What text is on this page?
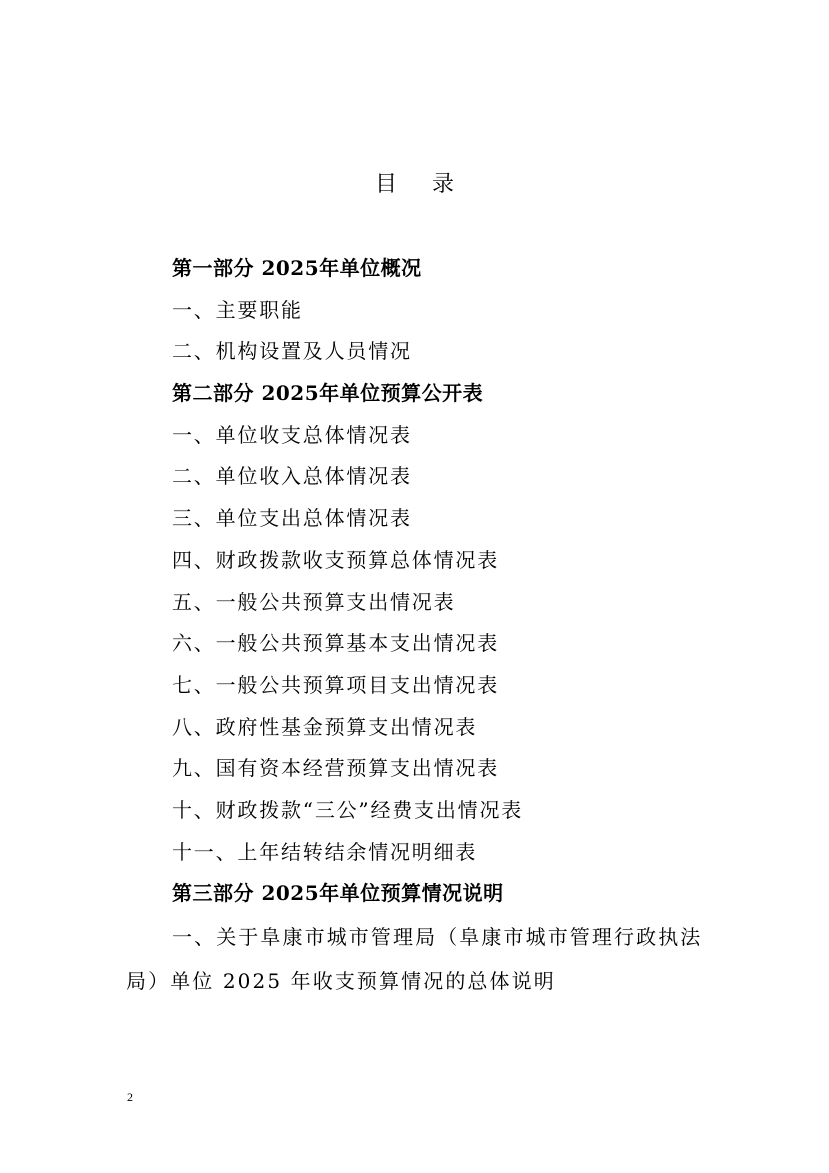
目 录
第一部分 2025年单位概况
一、主要职能
二、机构设置及人员情况
第二部分 2025年单位预算公开表
一、单位收支总体情况表
二、单位收入总体情况表
三、单位支出总体情况表
四、财政拨款收支预算总体情况表
五、一般公共预算支出情况表
六、一般公共预算基本支出情况表
七、一般公共预算项目支出情况表
八、政府性基金预算支出情况表
九、国有资本经营预算支出情况表
十、财政拨款“三公”经费支出情况表
十一、上年结转结余情况明细表
第三部分 2025年单位预算情况说明
一、关于阜康市城市管理局（阜康市城市管理行政执法
局）单位 2025 年收支预算情况的总体说明
2
